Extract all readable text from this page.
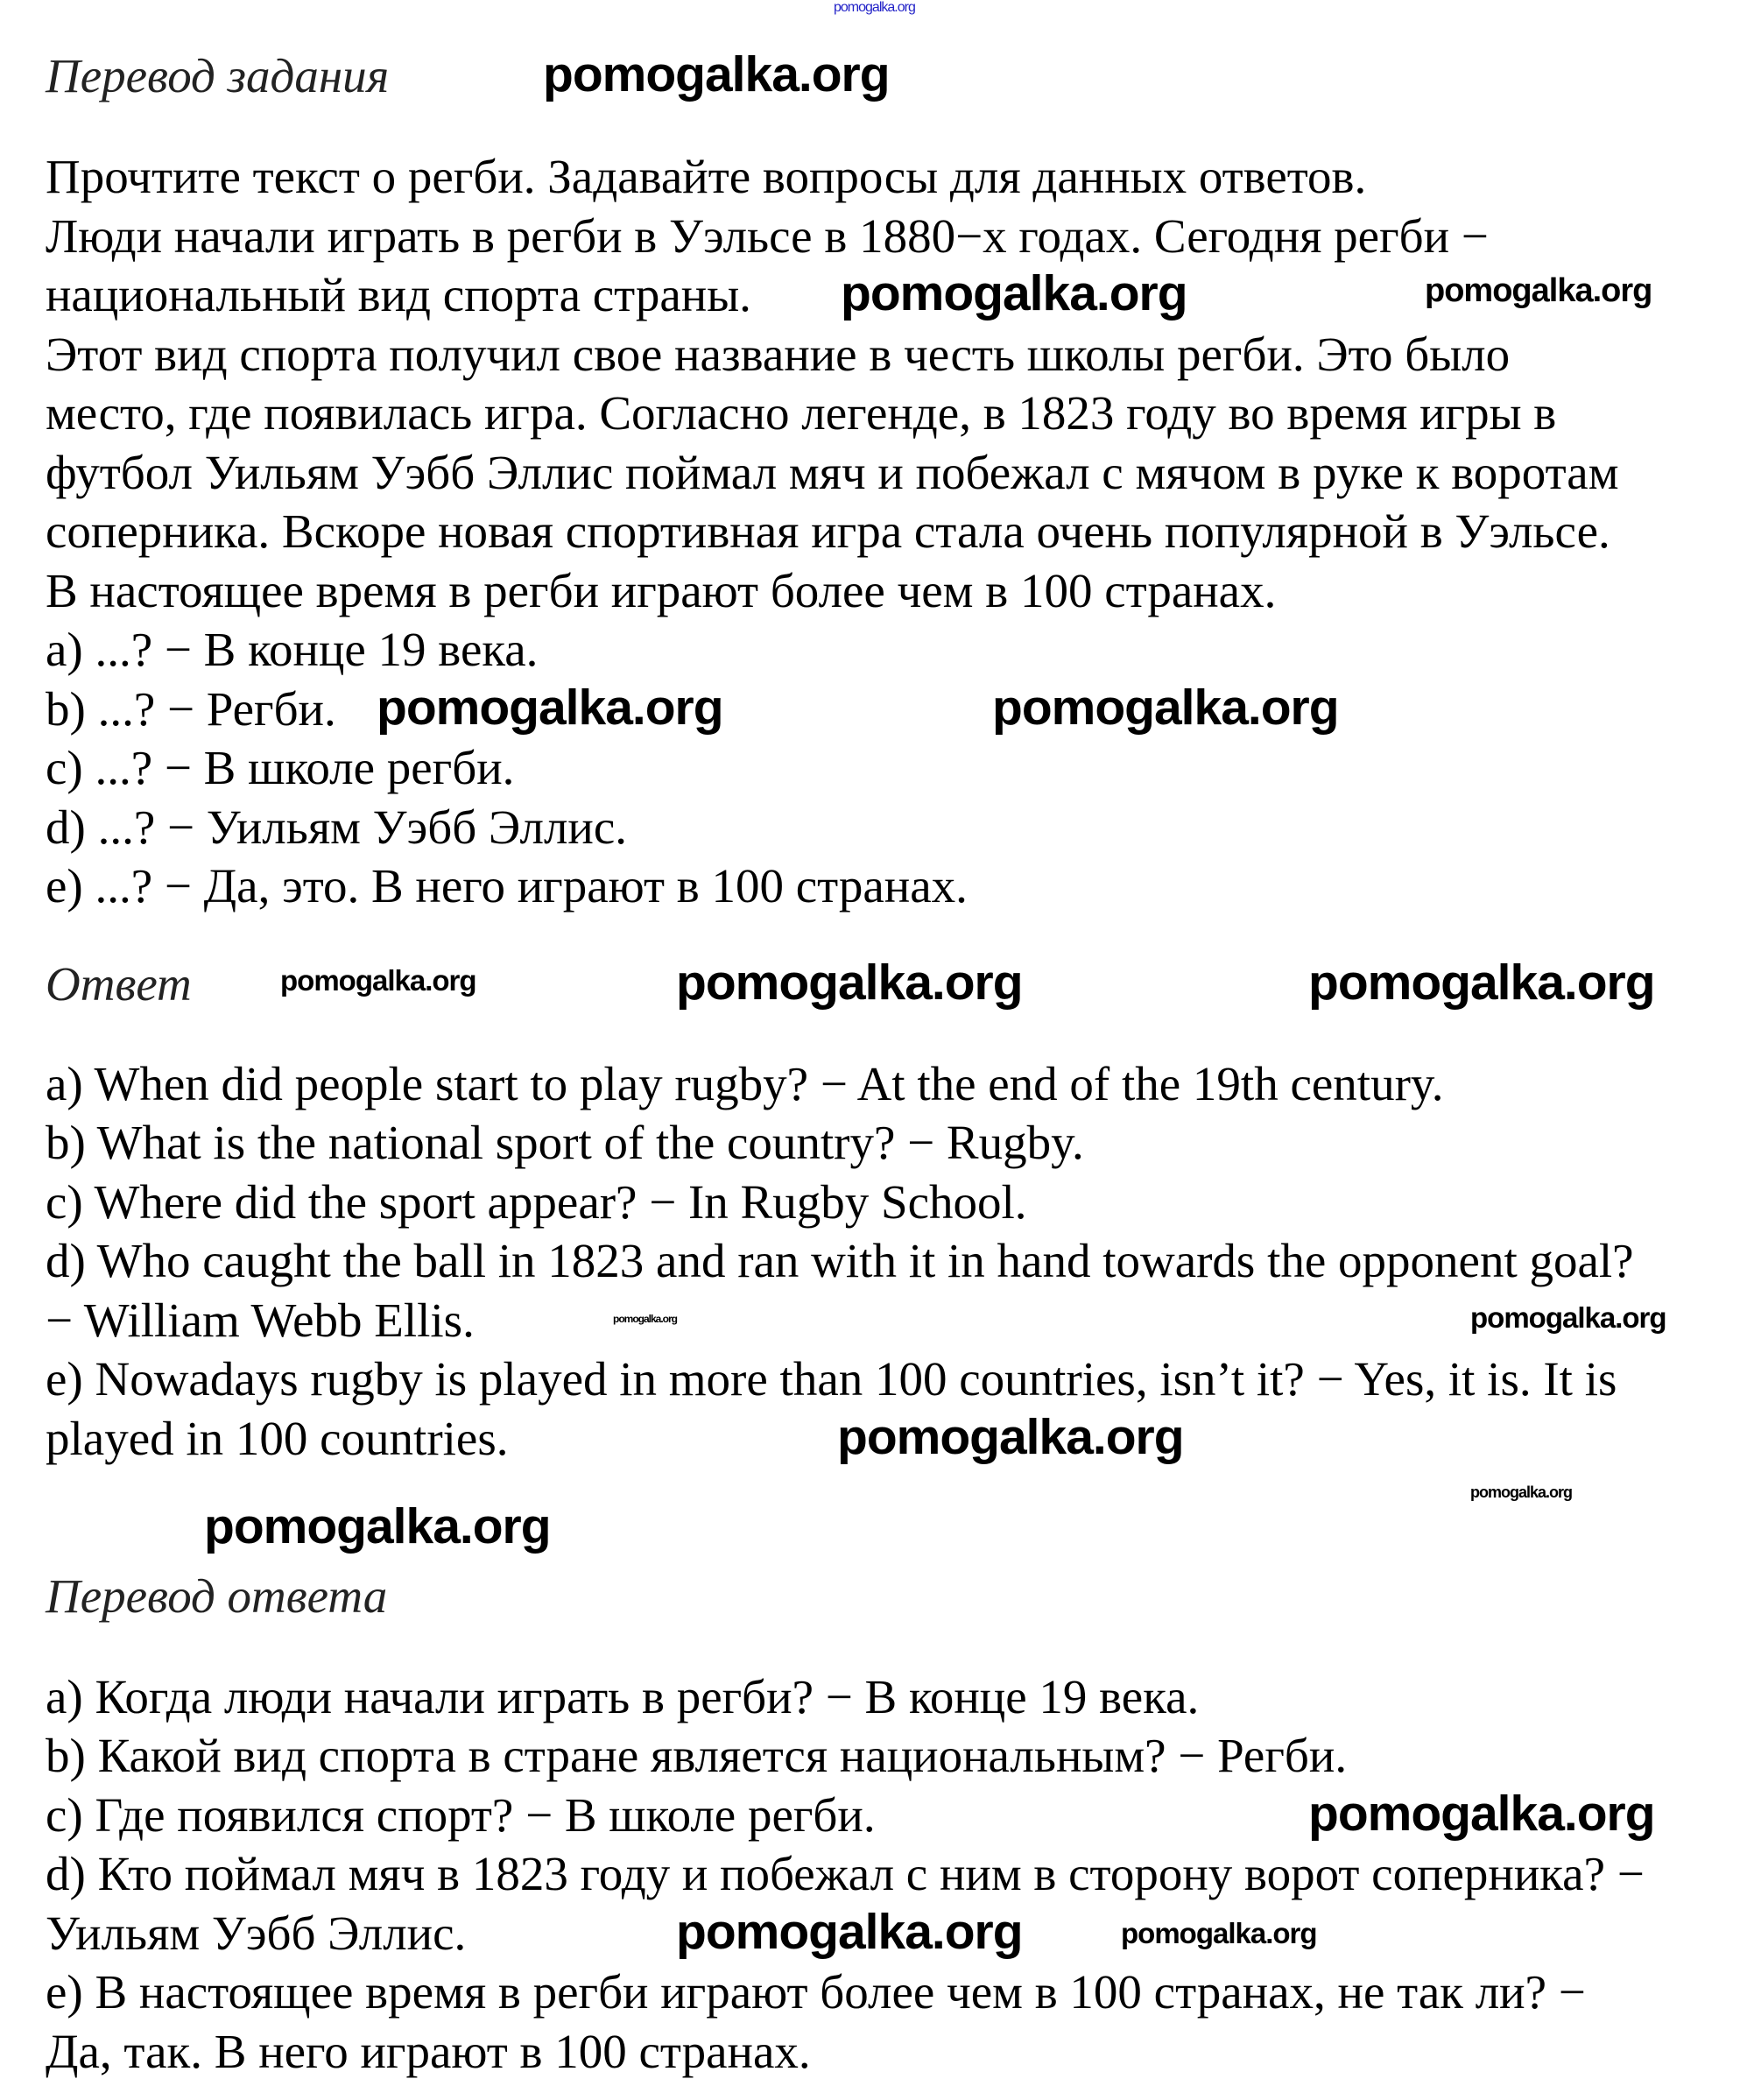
Перевод задания
Прочтите текст о регби. Задавайте вопросы для данных ответов.
Люди начали играть в регби в Уэльсе в 1880−х годах. Сегодня регби −
национальный вид спорта страны.
Этот вид спорта получил свое название в честь школы регби. Это было
место, где появилась игра. Согласно легенде, в 1823 году во время игры в
футбол Уильям Уэбб Эллис поймал мяч и побежал с мячом в руке к воротам
соперника. Вскоре новая спортивная игра стала очень популярной в Уэльсе.
В настоящее время в регби играют более чем в 100 странах.
a) ...? − В конце 19 века.
b) ...? − Регби.
c) ...? − В школе регби.
d) ...? − Уильям Уэбб Эллис.
e) ...? − Да, это. В него играют в 100 странах.
Ответ
a) When did people start to play rugby? − At the end of the 19th century.
b) What is the national sport of the country? − Rugby.
c) Where did the sport appear? − In Rugby School.
d) Who caught the ball in 1823 and ran with it in hand towards the opponent goal?
− William Webb Ellis.
e) Nowadays rugby is played in more than 100 countries, isn’t it? − Yes, it is. It is
played in 100 countries.
Перевод ответа
a) Когда люди начали играть в регби? − В конце 19 века.
b) Какой вид спорта в стране является национальным? − Регби.
c) Где появился спорт? − В школе регби.
d) Кто поймал мяч в 1823 году и побежал с ним в сторону ворот соперника? −
Уильям Уэбб Эллис.
e) В настоящее время в регби играют более чем в 100 странах, не так ли? −
Да, так. В него играют в 100 странах.
pomogalka.org
pomogalka.org
pomogalka.org	pomogalka.org
pomogalka.org	pomogalka.org
pomogalka.org	pomogalka.org	pomogalka.org
pomogalka.org	pomogalka.org
pomogalka.org
pomogalka.org
pomogalka.org
pomogalka.org
pomogalka.org	pomogalka.org
